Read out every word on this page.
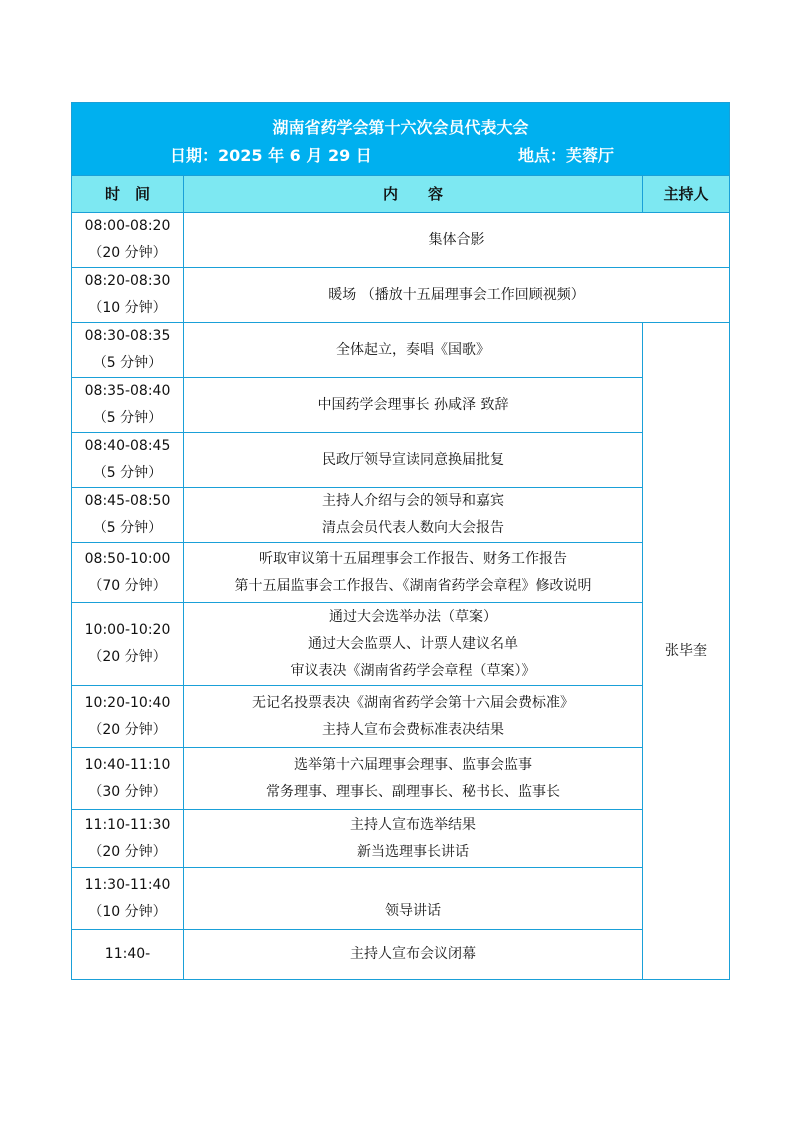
湖南省药学会第十六次会员代表大会
日期：2025 年 6 月 29 日 地点：芙蓉厅		

时　间	内　　容	主持人

08:00-08:20
（20 分钟）	集体合影	

08:20-08:30
（10 分钟）	暖场 （播放十五届理事会工作回顾视频）	

08:30-08:35
（5 分钟）	全体起立，奏唱《国歌》	张毕奎

08:35-08:40
（5 分钟）	中国药学会理事长 孙咸泽 致辞	

08:40-08:45
（5 分钟）	民政厅领导宣读同意换届批复	

08:45-08:50
（5 分钟）	主持人介绍与会的领导和嘉宾
清点会员代表人数向大会报告	

08:50-10:00
（70 分钟）	听取审议第十五届理事会工作报告、财务工作报告
第十五届监事会工作报告、《湖南省药学会章程》修改说明	

10:00-10:20
（20 分钟）	通过大会选举办法（草案）
通过大会监票人、计票人建议名单
审议表决《湖南省药学会章程（草案）》	

10:20-10:40
（20 分钟）	无记名投票表决《湖南省药学会第十六届会费标准》
主持人宣布会费标准表决结果	

10:40-11:10
（30 分钟）	选举第十六届理事会理事、监事会监事
常务理事、理事长、副理事长、秘书长、监事长	

11:10-11:30
（20 分钟）	主持人宣布选举结果
新当选理事长讲话	

11:30-11:40
（10 分钟）	领导讲话	

11:40-	主持人宣布会议闭幕	
